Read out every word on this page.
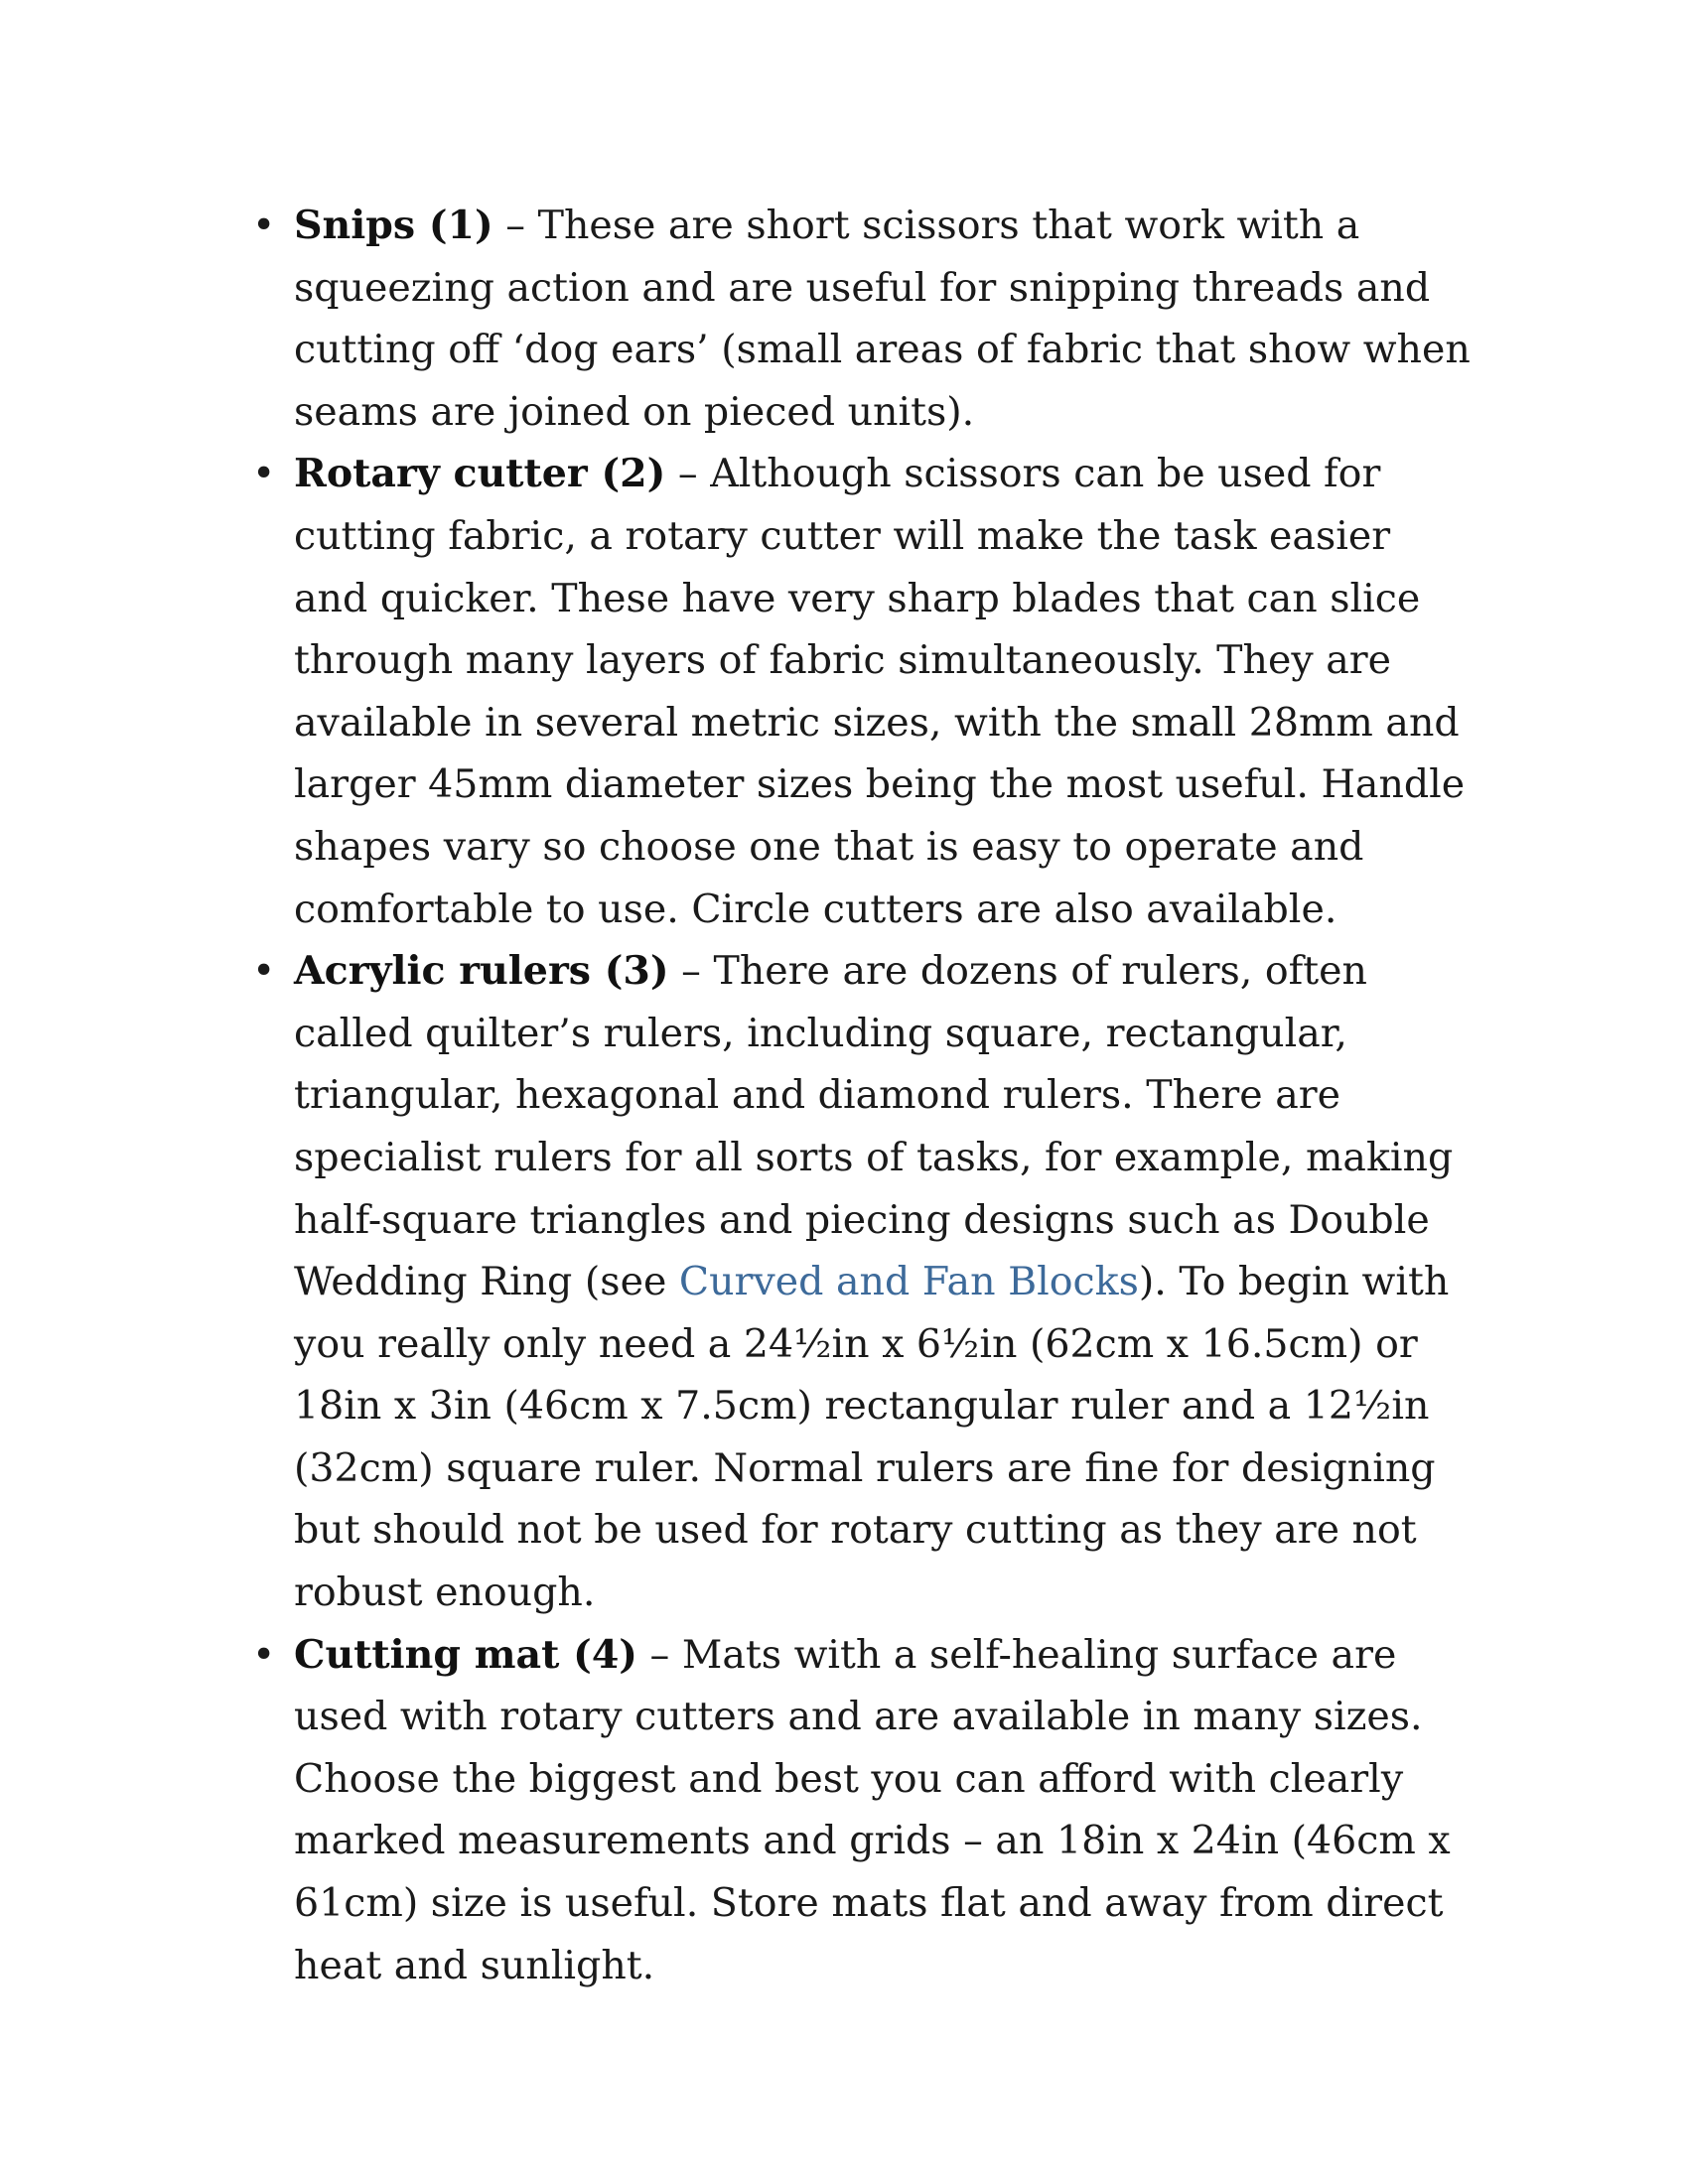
• Snips (1) – These are short scissors that work with a squeezing action and are useful for snipping threads and cutting off ‘dog ears’ (small areas of fabric that show when seams are joined on pieced units).
• Rotary cutter (2) – Although scissors can be used for cutting fabric, a rotary cutter will make the task easier and quicker. These have very sharp blades that can slice through many layers of fabric simultaneously. They are available in several metric sizes, with the small 28mm and larger 45mm diameter sizes being the most useful. Handle shapes vary so choose one that is easy to operate and comfortable to use. Circle cutters are also available.
• Acrylic rulers (3) – There are dozens of rulers, often called quilter’s rulers, including square, rectangular, triangular, hexagonal and diamond rulers. There are specialist rulers for all sorts of tasks, for example, making half-square triangles and piecing designs such as Double Wedding Ring (see Curved and Fan Blocks). To begin with you really only need a 24½in x 6½in (62cm x 16.5cm) or 18in x 3in (46cm x 7.5cm) rectangular ruler and a 12½in (32cm) square ruler. Normal rulers are fine for designing but should not be used for rotary cutting as they are not robust enough.
• Cutting mat (4) – Mats with a self-healing surface are used with rotary cutters and are available in many sizes. Choose the biggest and best you can afford with clearly marked measurements and grids – an 18in x 24in (46cm x 61cm) size is useful. Store mats flat and away from direct heat and sunlight.
